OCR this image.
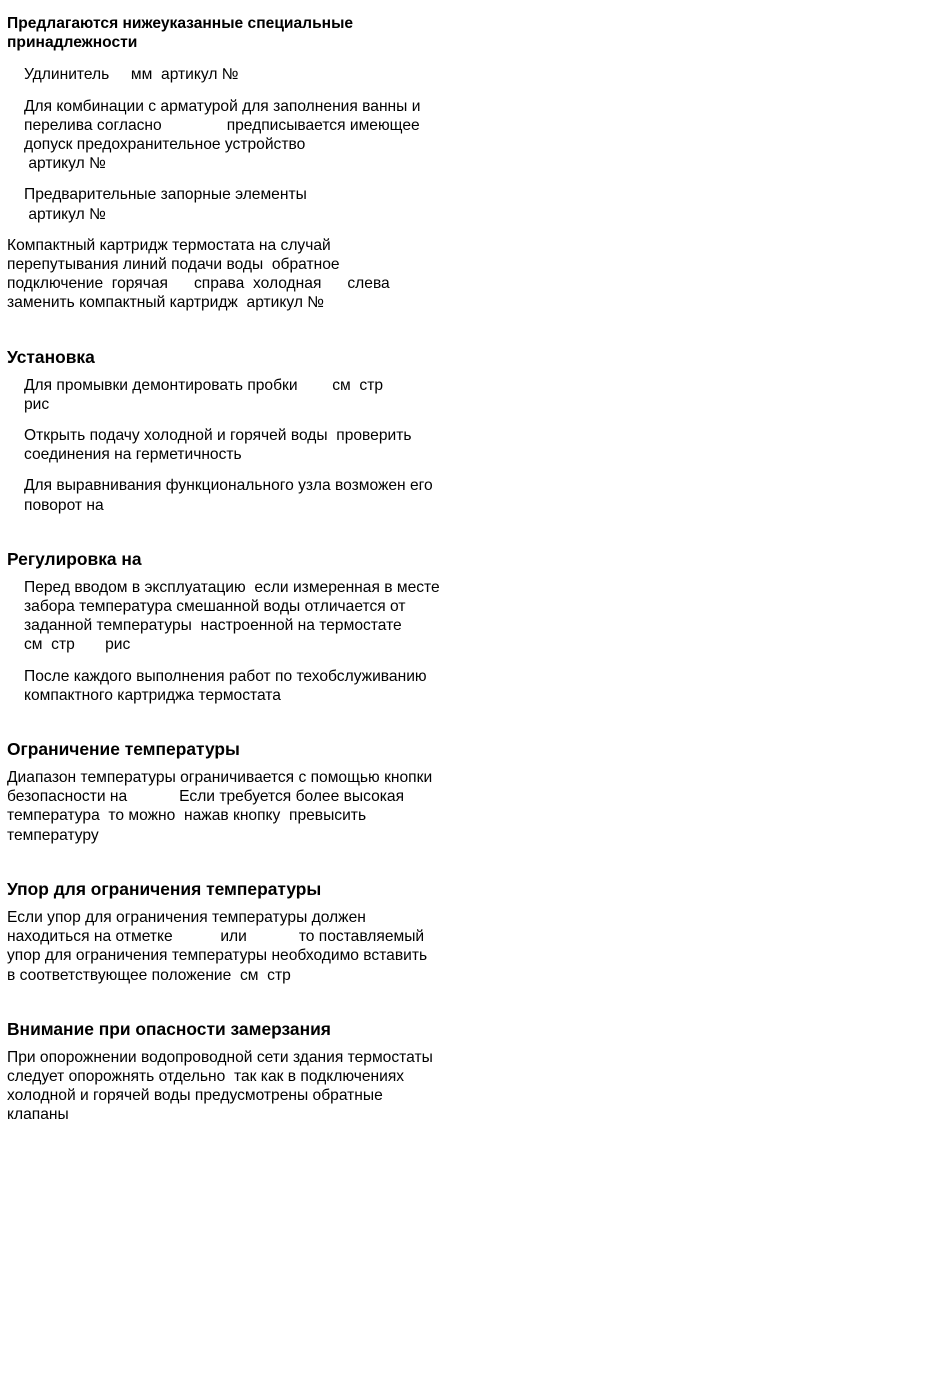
Предлагаются нижеуказанные специальные принадлежности

Удлинитель     мм  артикул №

Для комбинации с арматурой для заполнения ванны и

перелива согласно               предписывается имеющее

допуск предохранительное устройство

артикул №

Предварительные запорные элементы

артикул №

Компактный картридж термостата на случай

перепутывания линий подачи воды  обратное

подключение  горячая      справа  холодная      слева

заменить компактный картридж  артикул №

Установка

Для промывки демонтировать пробки        см  стр

рис

Открыть подачу холодной и горячей воды  проверить

соединения на герметичность

Для выравнивания функционального узла возможен его

поворот на

Регулировка на

Перед вводом в эксплуатацию  если измеренная в месте

забора температура смешанной воды отличается от

заданной температуры  настроенной на термостате

см  стр       рис

После каждого выполнения работ по техобслуживанию

компактного картриджа термостата

Ограничение температуры

Диапазон температуры ограничивается с помощью кнопки

безопасности на            Если требуется более высокая

температура  то можно  нажав кнопку  превысить

температуру

Упор для ограничения температуры

Если упор для ограничения температуры должен

находиться на отметке           или            то поставляемый

упор для ограничения температуры необходимо вставить

в соответствующее положение  см  стр

Внимание при опасности замерзания

При опорожнении водопроводной сети здания термостаты

следует опорожнять отдельно  так как в подключениях

холодной и горячей воды предусмотрены обратные

клапаны
